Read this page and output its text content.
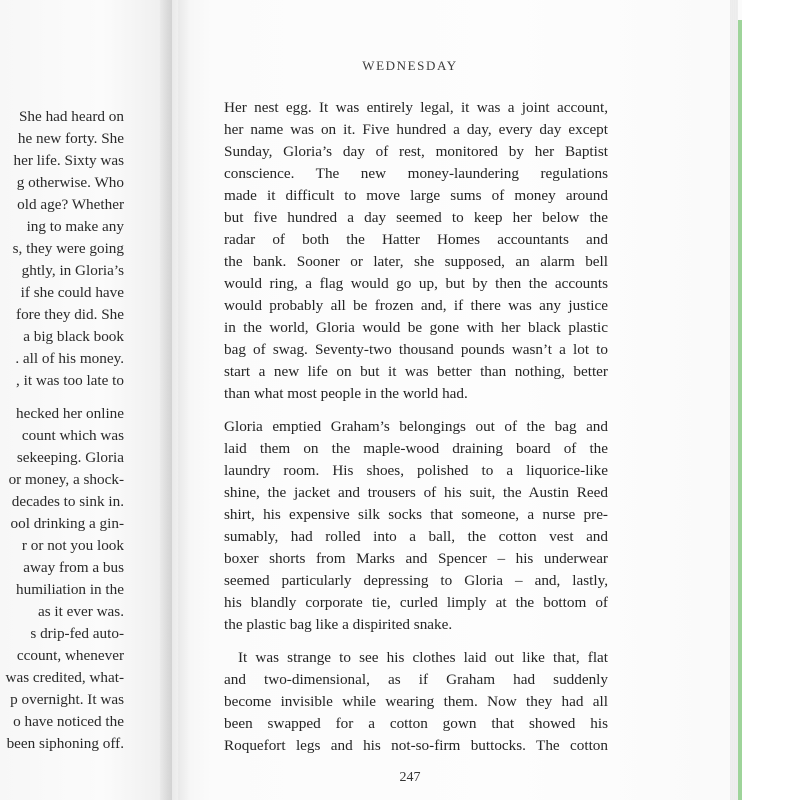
She had heard on
he new forty. She
her life. Sixty was
g otherwise. Who
old age? Whether
ing to make any
s, they were going
ghtly, in Gloria’s
if she could have
fore they did. She
a big black book
. all of his money.
, it was too late to
hecked her online
count which was
sekeeping. Gloria
or money, a shock-
decades to sink in.
ool drinking a gin-
r or not you look
away from a bus
humiliation in the
as it ever was.
s drip-fed auto-
ccount, whenever
was credited, what-
p overnight. It was
o have noticed the
been siphoning off.
Her nest egg. It was entirely legal, it was a joint account,
her name was on it. Five hundred a day, every day except
Sunday, Gloria’s day of rest, monitored by her Baptist
conscience. The new money-laundering regulations
made it difficult to move large sums of money around
but five hundred a day seemed to keep her below the
radar of both the Hatter Homes accountants and
the bank. Sooner or later, she supposed, an alarm bell
would ring, a flag would go up, but by then the accounts
would probably all be frozen and, if there was any justice
in the world, Gloria would be gone with her black plastic
bag of swag. Seventy-two thousand pounds wasn’t a lot to
start a new life on but it was better than nothing, better
than what most people in the world had.
Gloria emptied Graham’s belongings out of the bag and
laid them on the maple-wood draining board of the
laundry room. His shoes, polished to a liquorice-like
shine, the jacket and trousers of his suit, the Austin Reed
shirt, his expensive silk socks that someone, a nurse pre-
sumably, had rolled into a ball, the cotton vest and
boxer shorts from Marks and Spencer – his underwear
seemed particularly depressing to Gloria – and, lastly,
his blandly corporate tie, curled limply at the bottom of
the plastic bag like a dispirited snake.
It was strange to see his clothes laid out like that, flat
and two-dimensional, as if Graham had suddenly
become invisible while wearing them. Now they had all
been swapped for a cotton gown that showed his
Roquefort legs and his not-so-firm buttocks. The cotton
WEDNESDAY
247
